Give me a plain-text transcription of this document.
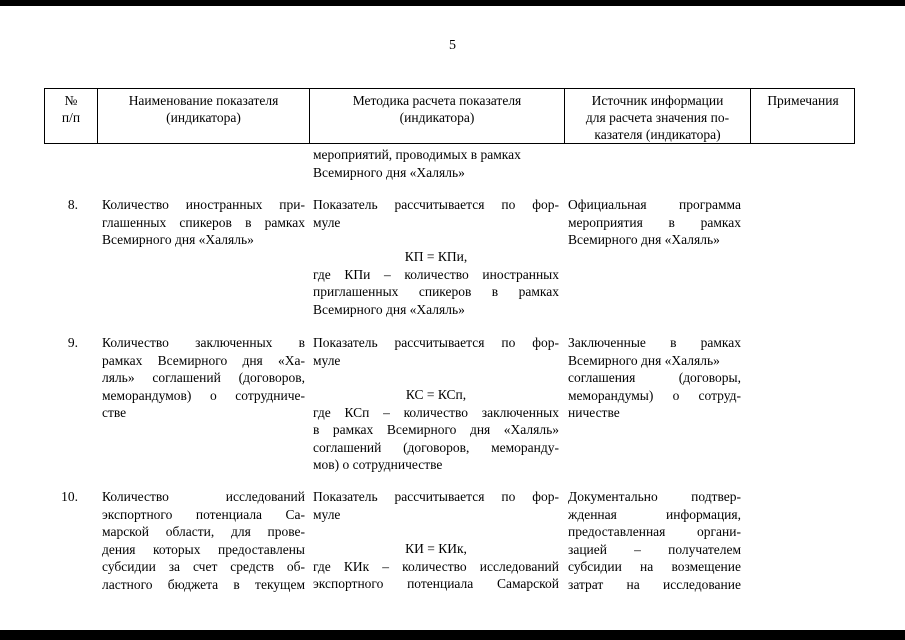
5
№
п/п
Наименование показателя
(индикатора)
Методика расчета показателя
(индикатора)
Источник информации
для расчета значения по-
казателя (индикатора)
Примечания
мероприятий, проводимых в рамках
Всемирного дня «Халяль»
8. Количество иностранных при-
глашенных спикеров в рамках
Всемирного дня «Халяль»
Показатель рассчитывается по фор-
муле
КП = КПи,
где КПи – количество иностранных
приглашенных спикеров в рамках
Всемирного дня «Халяль»
Официальная программа
мероприятия в рамках
Всемирного дня «Халяль»
9. Количество заключенных в
рамках Всемирного дня «Ха-
ляль» соглашений (договоров,
меморандумов) о сотрудниче-
стве
Показатель рассчитывается по фор-
муле
КС = КСп,
где КСп – количество заключенных
в рамках Всемирного дня «Халяль»
соглашений (договоров, меморанду-
мов) о сотрудничестве
Заключенные в рамках
Всемирного дня «Халяль»
соглашения (договоры,
меморандумы) о сотруд-
ничестве
10. Количество исследований
экспортного потенциала Са-
марской области, для прове-
дения которых предоставлены
субсидии за счет средств об-
ластного бюджета в текущем
Показатель рассчитывается по фор-
муле
КИ = КИк,
где КИк – количество исследований
экспортного потенциала Самарской
Документально подтвер-
жденная информация,
предоставленная органи-
зацией – получателем
субсидии на возмещение
затрат на исследование
